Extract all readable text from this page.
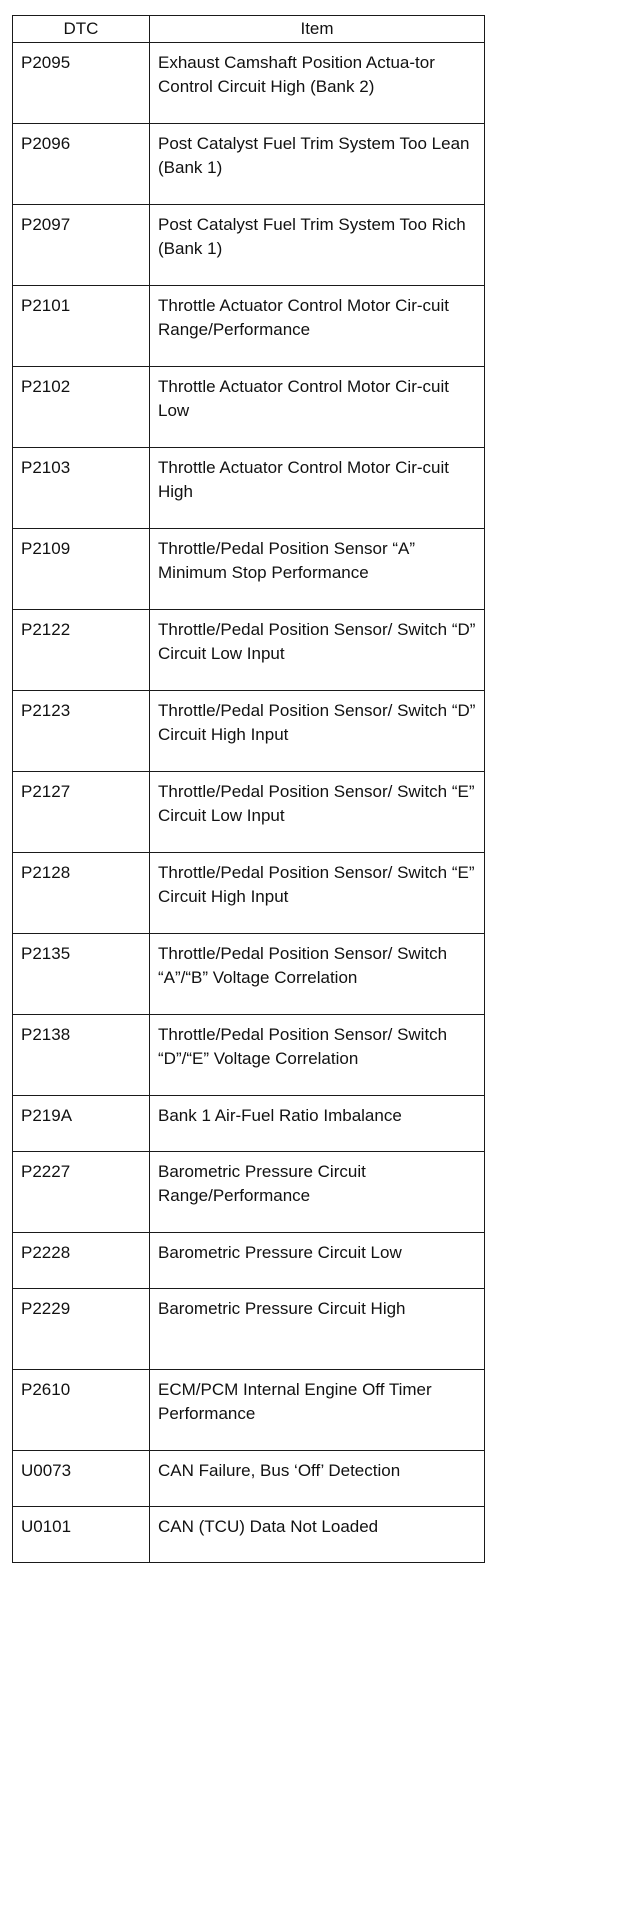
DTC	Item
P2095	Exhaust Camshaft Position Actua-tor Control Circuit High (Bank 2)
P2096	Post Catalyst Fuel Trim System Too Lean (Bank 1)
P2097	Post Catalyst Fuel Trim System Too Rich (Bank 1)
P2101	Throttle Actuator Control Motor Cir-cuit Range/Performance
P2102	Throttle Actuator Control Motor Cir-cuit Low
P2103	Throttle Actuator Control Motor Cir-cuit High
P2109	Throttle/Pedal Position Sensor “A” Minimum Stop Performance
P2122	Throttle/Pedal Position Sensor/ Switch “D” Circuit Low Input
P2123	Throttle/Pedal Position Sensor/ Switch “D” Circuit High Input
P2127	Throttle/Pedal Position Sensor/ Switch “E” Circuit Low Input
P2128	Throttle/Pedal Position Sensor/ Switch “E” Circuit High Input
P2135	Throttle/Pedal Position Sensor/ Switch “A”/“B” Voltage Correlation
P2138	Throttle/Pedal Position Sensor/ Switch “D”/“E” Voltage Correlation
P219A	Bank 1 Air-Fuel Ratio Imbalance
P2227	Barometric Pressure Circuit Range/Performance
P2228	Barometric Pressure Circuit Low
P2229	Barometric Pressure Circuit High
P2610	ECM/PCM Internal Engine Off Timer Performance
U0073	CAN Failure, Bus ‘Off’ Detection
U0101	CAN (TCU) Data Not Loaded
